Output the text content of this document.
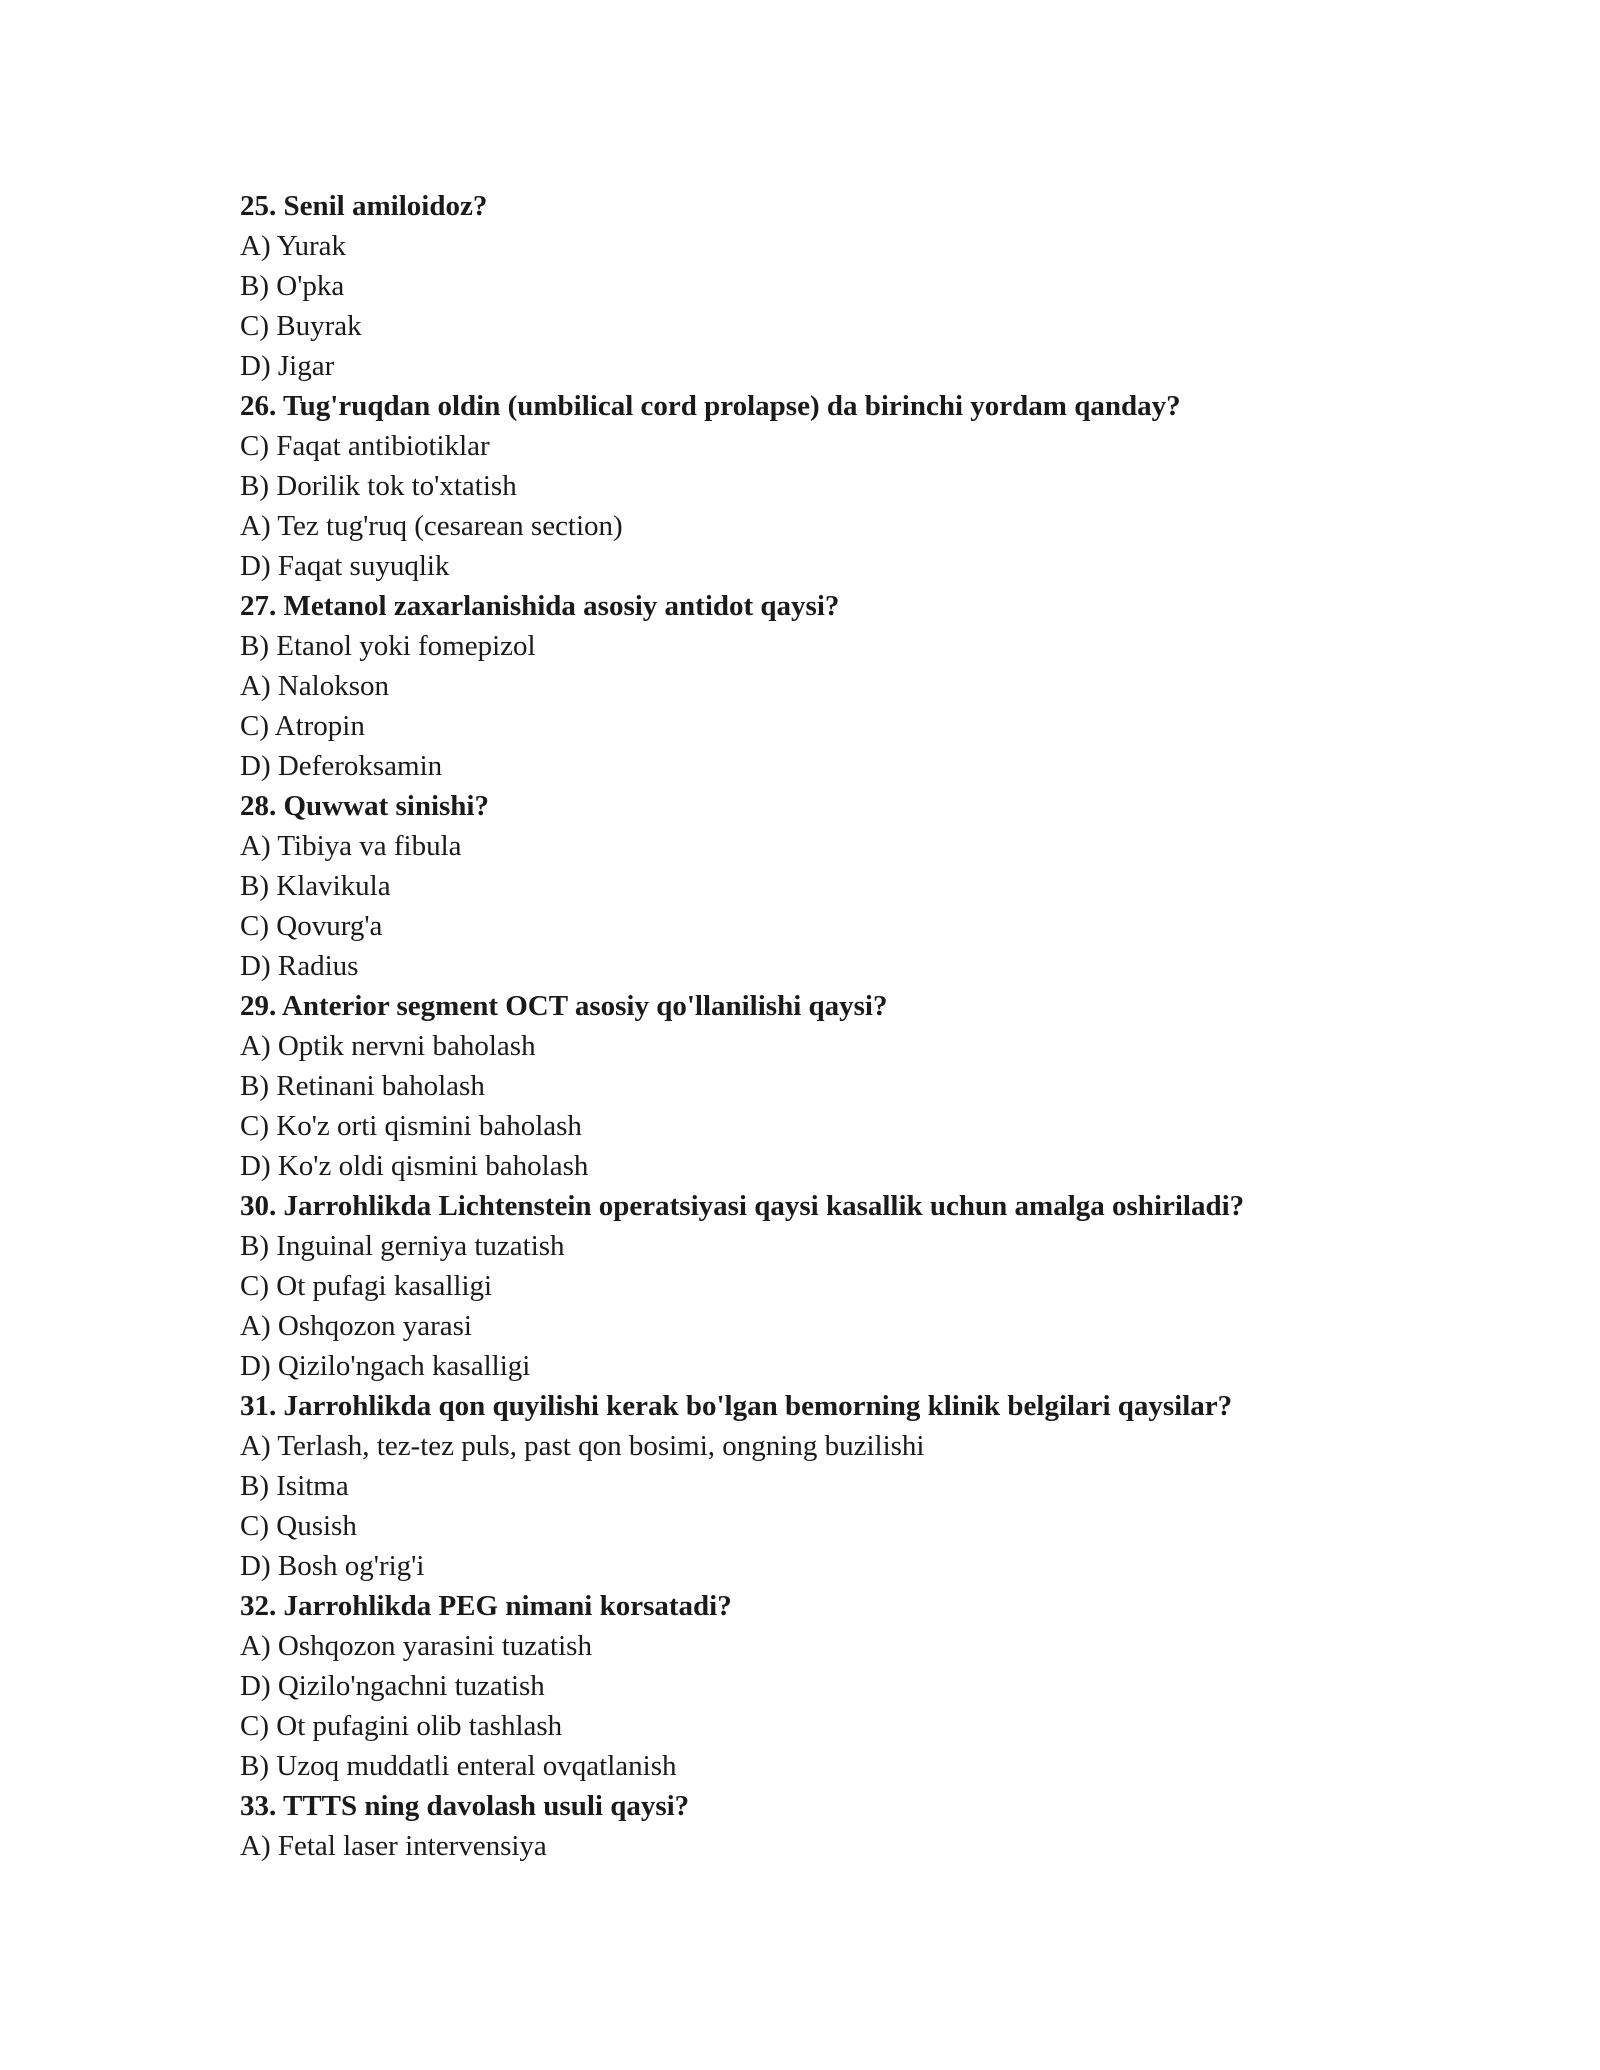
25. Senil amiloidoz?
A) Yurak
B) O'pka
C) Buyrak
D) Jigar
26. Tug'ruqdan oldin (umbilical cord prolapse) da birinchi yordam qanday?
C) Faqat antibiotiklar
B) Dorilik tok to'xtatish
A) Tez tug'ruq (cesarean section)
D) Faqat suyuqlik
27. Metanol zaxarlanishida asosiy antidot qaysi?
B) Etanol yoki fomepizol
A) Nalokson
C) Atropin
D) Deferoksamin
28. Quwwat sinishi?
A) Tibiya va fibula
B) Klavikula
C) Qovurg'a
D) Radius
29. Anterior segment OCT asosiy qo'llanilishi qaysi?
A) Optik nervni baholash
B) Retinani baholash
C) Ko'z orti qismini baholash
D) Ko'z oldi qismini baholash
30. Jarrohlikda Lichtenstein operatsiyasi qaysi kasallik uchun amalga oshiriladi?
B) Inguinal gerniya tuzatish
C) Ot pufagi kasalligi
A) Oshqozon yarasi
D) Qizilo'ngach kasalligi
31. Jarrohlikda qon quyilishi kerak bo'lgan bemorning klinik belgilari qaysilar?
A) Terlash, tez-tez puls, past qon bosimi, ongning buzilishi
B) Isitma
C) Qusish
D) Bosh og'rig'i
32. Jarrohlikda PEG nimani korsatadi?
A) Oshqozon yarasini tuzatish
D) Qizilo'ngachni tuzatish
C) Ot pufagini olib tashlash
B) Uzoq muddatli enteral ovqatlanish
33. TTTS ning davolash usuli qaysi?
A) Fetal laser intervensiya
